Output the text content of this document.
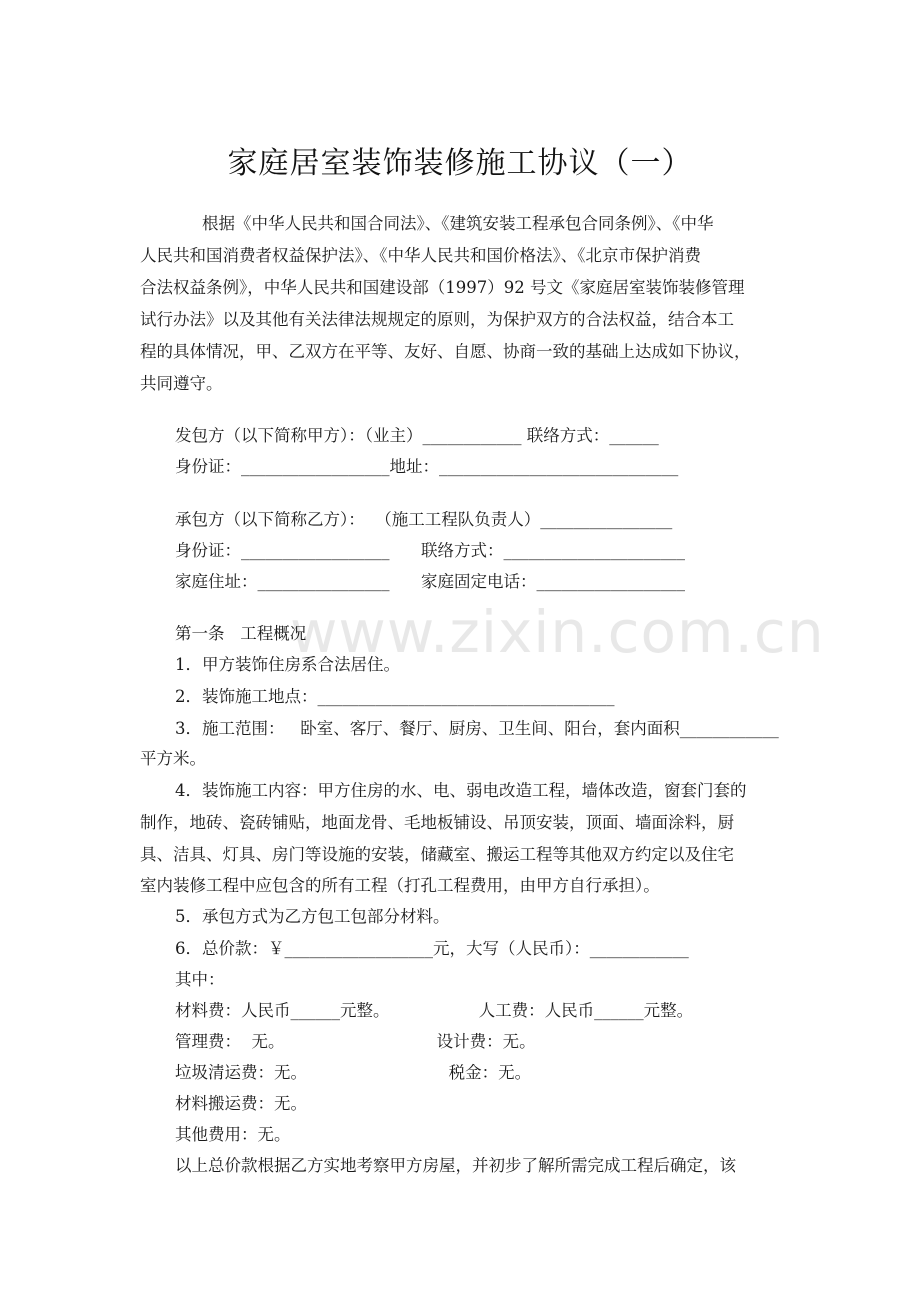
家庭居室装饰装修施工协议（一）
www.zixin.com.cn
根据《中华人民共和国合同法》、《建筑安装工程承包合同条例》、《中华
人民共和国消费者权益保护法》、《中华人民共和国价格法》、《北京市保护消费
合法权益条例》，中华人民共和国建设部（1997）92 号文《家庭居室装饰装修管理
试行办法》以及其他有关法律法规规定的原则，为保护双方的合法权益，结合本工
程的具体情况，甲、乙双方在平等、友好、自愿、协商一致的基础上达成如下协议，
共同遵守。
发包方（以下简称甲方）：（业主）____________ 联络方式：______
身份证：__________________地址：_____________________________
承包方（以下简称乙方）：  （施工工程队负责人）________________
身份证：__________________      联络方式：______________________
家庭住址：________________      家庭固定电话：__________________
第一条   工程概况
1．甲方装饰住房系合法居住。
2．装饰施工地点：____________________________________
3．施工范围：   卧室、客厅、餐厅、厨房、卫生间、阳台，套内面积____________
平方米。
4．装饰施工内容：甲方住房的水、电、弱电改造工程，墙体改造，窗套门套的
制作，地砖、瓷砖铺贴，地面龙骨、毛地板铺设、吊顶安装，顶面、墙面涂料，厨
具、洁具、灯具、房门等设施的安装，储藏室、搬运工程等其他双方约定以及住宅
室内装修工程中应包含的所有工程（打孔工程费用，由甲方自行承担）。
5．承包方式为乙方包工包部分材料。
6．总价款：￥__________________元，大写（人民币）：____________
其中：
材料费：人民币______元整。                 人工费：人民币______元整。
管理费：  无。                             设计费：无。
垃圾清运费：无。                           税金：无。
材料搬运费：无。
其他费用：无。
以上总价款根据乙方实地考察甲方房屋，并初步了解所需完成工程后确定，该
